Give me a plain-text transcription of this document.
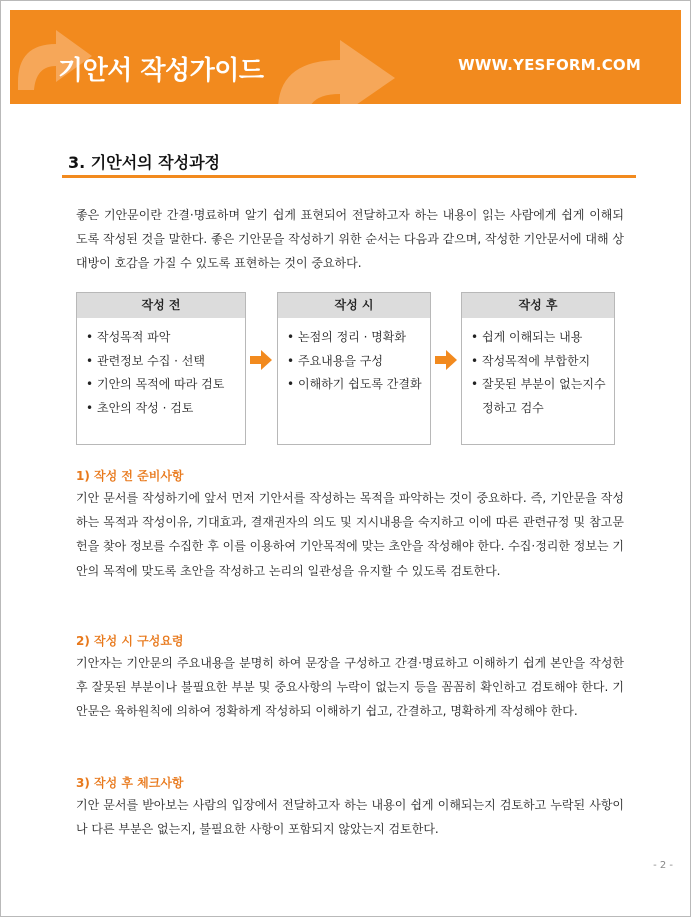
기안서 작성가이드	WWW.YESFORM.COM
3. 기안서의 작성과정
좋은 기안문이란 간결·명료하며 알기 쉽게 표현되어 전달하고자 하는 내용이 읽는 사람에게 쉽게 이해되도록 작성된 것을 말한다. 좋은 기안문을 작성하기 위한 순서는 다음과 같으며, 작성한 기안문서에 대해 상대방이 호감을 가질 수 있도록 표현하는 것이 중요하다.
작성 전
• 작성목적 파악
• 관련정보 수집 · 선택
• 기안의 목적에 따라 검토
• 초안의 작성 · 검토
작성 시
• 논점의 정리 · 명확화
• 주요내용을 구성
• 이해하기 쉽도록 간결화
작성 후
• 쉽게 이해되는 내용
• 작성목적에 부합한지
• 잘못된 부분이 없는지수정하고 검수
1) 작성 전 준비사항
기안 문서를 작성하기에 앞서 먼저 기안서를 작성하는 목적을 파악하는 것이 중요하다. 즉, 기안문을 작성하는 목적과 작성이유, 기대효과, 결재권자의 의도 및 지시내용을 숙지하고 이에 따른 관련규정 및 참고문헌을 찾아 정보를 수집한 후 이를 이용하여 기안목적에 맞는 초안을 작성해야 한다. 수집·정리한 정보는 기안의 목적에 맞도록 초안을 작성하고 논리의 일관성을 유지할 수 있도록 검토한다.
2) 작성 시 구성요령
기안자는 기안문의 주요내용을 분명히 하여 문장을 구성하고 간결·명료하고 이해하기 쉽게 본안을 작성한 후 잘못된 부분이나 불필요한 부분 및 중요사항의 누락이 없는지 등을 꼼꼼히 확인하고 검토해야 한다. 기안문은 육하원칙에 의하여 정확하게 작성하되 이해하기 쉽고, 간결하고, 명확하게 작성해야 한다.
3) 작성 후 체크사항
기안 문서를 받아보는 사람의 입장에서 전달하고자 하는 내용이 쉽게 이해되는지 검토하고 누락된 사항이나 다른 부분은 없는지, 불필요한 사항이 포함되지 않았는지 검토한다.
- 2 -
